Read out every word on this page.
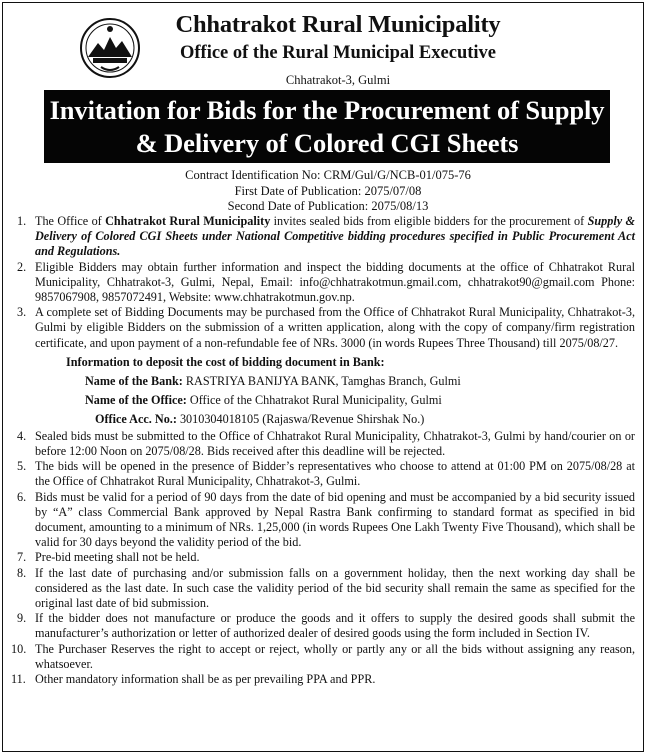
Chhatrakot Rural Municipality
Office of the Rural Municipal Executive
Chhatrakot-3, Gulmi
Invitation for Bids for the Procurement of Supply
& Delivery of Colored CGI Sheets
Contract Identification No: CRM/Gul/G/NCB-01/075-76
First Date of Publication: 2075/07/08
Second Date of Publication: 2075/08/13
1. The Office of Chhatrakot Rural Municipality invites sealed bids from eligible bidders for the procurement of Supply & Delivery of Colored CGI Sheets under National Competitive bidding procedures specified in Public Procurement Act and Regulations.
2. Eligible Bidders may obtain further information and inspect the bidding documents at the office of Chhatrakot Rural Municipality, Chhatrakot-3, Gulmi, Nepal, Email: info@chhatrakotmun.gmail.com, chhatrakot90@gmail.com Phone: 9857067908, 9857072491, Website: www.chhatrakotmun.gov.np.
3. A complete set of Bidding Documents may be purchased from the Office of Chhatrakot Rural Municipality, Chhatrakot-3, Gulmi by eligible Bidders on the submission of a written application, along with the copy of company/firm registration certificate, and upon payment of a non-refundable fee of NRs. 3000 (in words Rupees Three Thousand) till 2075/08/27.
Information to deposit the cost of bidding document in Bank:
Name of the Bank: RASTRIYA BANIJYA BANK, Tamghas Branch, Gulmi
Name of the Office: Office of the Chhatrakot Rural Municipality, Gulmi
Office Acc. No.: 3010304018105 (Rajaswa/Revenue Shirshak No.)
4. Sealed bids must be submitted to the Office of Chhatrakot Rural Municipality, Chhatrakot-3, Gulmi by hand/courier on or before 12:00 Noon on 2075/08/28. Bids received after this deadline will be rejected.
5. The bids will be opened in the presence of Bidder’s representatives who choose to attend at 01:00 PM on 2075/08/28 at the Office of Chhatrakot Rural Municipality, Chhatrakot-3, Gulmi.
6. Bids must be valid for a period of 90 days from the date of bid opening and must be accompanied by a bid security issued by “A” class Commercial Bank approved by Nepal Rastra Bank confirming to standard format as specified in bid document, amounting to a minimum of NRs. 1,25,000 (in words Rupees One Lakh Twenty Five Thousand), which shall be valid for 30 days beyond the validity period of the bid.
7. Pre-bid meeting shall not be held.
8. If the last date of purchasing and/or submission falls on a government holiday, then the next working day shall be considered as the last date. In such case the validity period of the bid security shall remain the same as specified for the original last date of bid submission.
9. If the bidder does not manufacture or produce the goods and it offers to supply the desired goods shall submit the manufacturer’s authorization or letter of authorized dealer of desired goods using the form included in Section IV.
10. The Purchaser Reserves the right to accept or reject, wholly or partly any or all the bids without assigning any reason, whatsoever.
11. Other mandatory information shall be as per prevailing PPA and PPR.
